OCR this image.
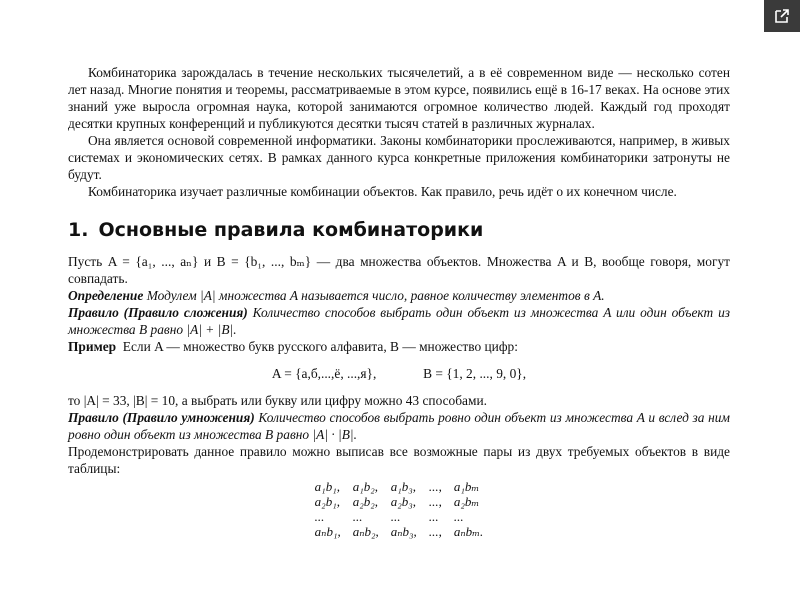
Комбинаторика зарождалась в течение нескольких тысячелетий, а в её современном виде — несколько сотен лет назад. Многие понятия и теоремы, рассматриваемые в этом курсе, появились ещё в 16-17 веках. На основе этих знаний уже выросла огромная наука, которой занимаются огромное количество людей. Каждый год проходят десятки крупных конференций и публикуются десятки тысяч статей в различных журналах.

Она является основой современной информатики. Законы комбинаторики прослеживаются, например, в живых системах и экономических сетях. В рамках данного курса конкретные приложения комбинаторики затронуты не будут.

Комбинаторика изучает различные комбинации объектов. Как правило, речь идёт о их конечном числе.

1. Основные правила комбинаторики

Пусть A = {a₁, ..., aₙ} и B = {b₁, ..., bₘ} — два множества объектов. Множества A и B, вообще говоря, могут совпадать.

Определение Модулем |A| множества A называется число, равное количеству элементов в A.

Правило (Правило сложения) Количество способов выбрать один объект из множества A или один объект из множества B равно |A| + |B|.

Пример Если A — множество букв русского алфавита, B — множество цифр:

A = {а,б,...,ё, ...,я},	B = {1, 2, ..., 9, 0},

то |A| = 33, |B| = 10, а выбрать или букву или цифру можно 43 способами.

Правило (Правило умножения) Количество способов выбрать ровно один объект из множества A и вслед за ним ровно один объект из множества B равно |A| · |B|.

Продемонстрировать данное правило можно выписав все возможные пары из двух требуемых объектов в виде таблицы:

a₁b₁,	a₁b₂,	a₁b₃,	...,	a₁bₘ
a₂b₁,	a₂b₂,	a₂b₃,	...,	a₂bₘ
...	...	...	...	...
aₙb₁,	aₙb₂,	aₙb₃,	...,	aₙbₘ.
